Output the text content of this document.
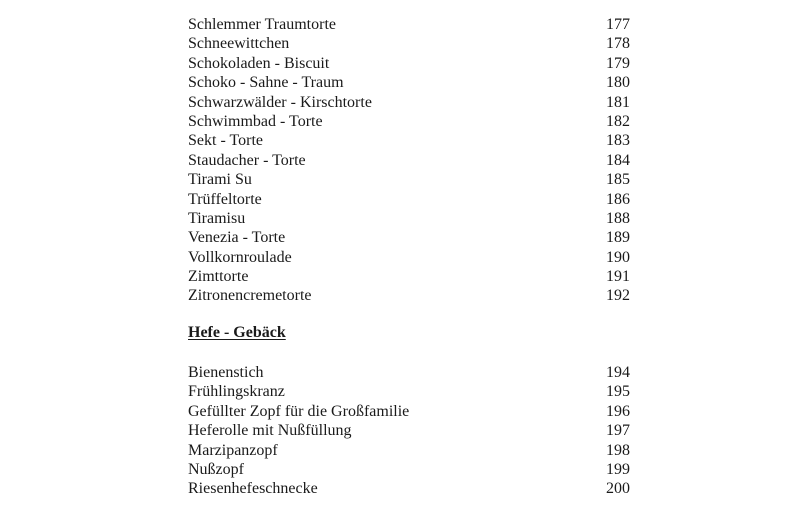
Schlemmer Traumtorte	177
Schneewittchen	178
Schokoladen - Biscuit	179
Schoko - Sahne - Traum	180
Schwarzwälder - Kirschtorte	181
Schwimmbad - Torte	182
Sekt - Torte	183
Staudacher - Torte	184
Tirami Su	185
Trüffeltorte	186
Tiramisu	188
Venezia - Torte	189
Vollkornroulade	190
Zimttorte	191
Zitronencremetorte	192
Hefe - Gebäck
Bienenstich	194
Frühlingskranz	195
Gefüllter Zopf für die Großfamilie	196
Heferolle mit Nußfüllung	197
Marzipanzopf	198
Nußzopf	199
Riesenhefeschnecke	200
